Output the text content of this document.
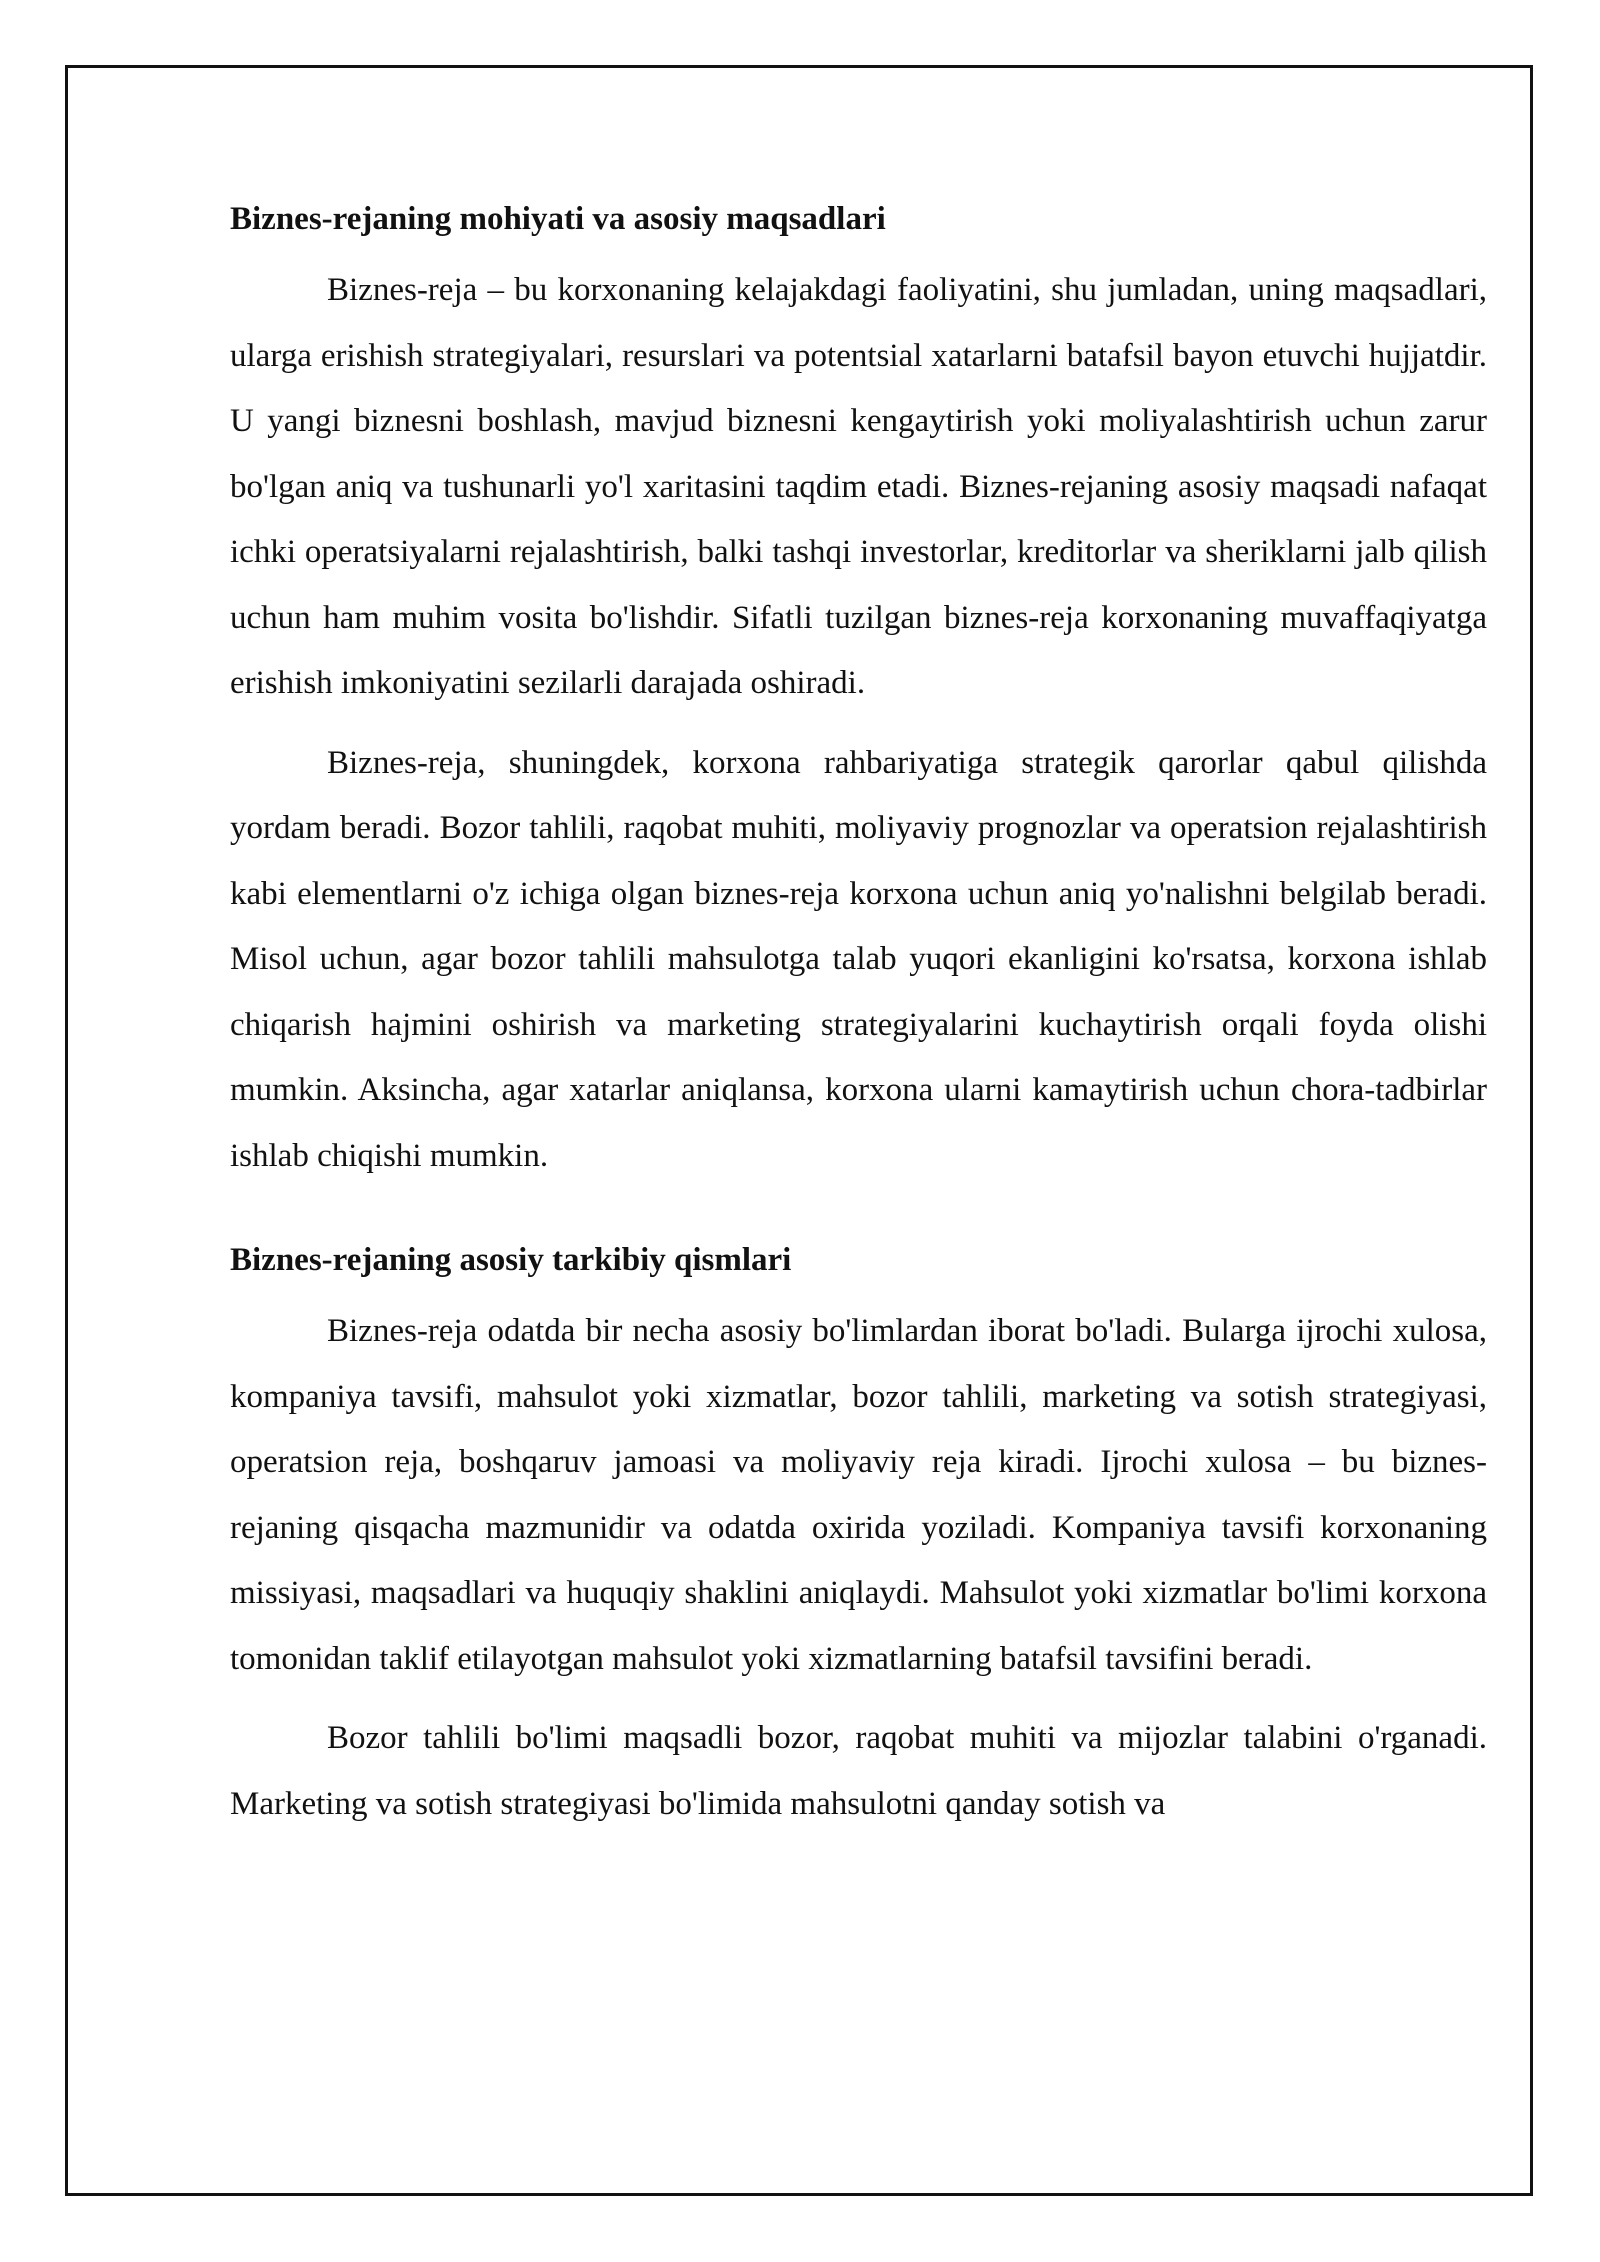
Biznes-rejaning mohiyati va asosiy maqsadlari

Biznes-reja – bu korxonaning kelajakdagi faoliyatini, shu jumladan, uning maqsadlari, ularga erishish strategiyalari, resurslari va potentsial xatarlarni batafsil bayon etuvchi hujjatdir. U yangi biznesni boshlash, mavjud biznesni kengaytirish yoki moliyalashtirish uchun zarur bo'lgan aniq va tushunarli yo'l xaritasini taqdim etadi. Biznes-rejaning asosiy maqsadi nafaqat ichki operatsiyalarni rejalashtirish, balki tashqi investorlar, kreditorlar va sheriklarni jalb qilish uchun ham muhim vosita bo'lishdir. Sifatli tuzilgan biznes-reja korxonaning muvaffaqiyatga erishish imkoniyatini sezilarli darajada oshiradi.

Biznes-reja, shuningdek, korxona rahbariyatiga strategik qarorlar qabul qilishda yordam beradi. Bozor tahlili, raqobat muhiti, moliyaviy prognozlar va operatsion rejalashtirish kabi elementlarni o'z ichiga olgan biznes-reja korxona uchun aniq yo'nalishni belgilab beradi. Misol uchun, agar bozor tahlili mahsulotga talab yuqori ekanligini ko'rsatsa, korxona ishlab chiqarish hajmini oshirish va marketing strategiyalarini kuchaytirish orqali foyda olishi mumkin. Aksincha, agar xatarlar aniqlansa, korxona ularni kamaytirish uchun chora-tadbirlar ishlab chiqishi mumkin.

Biznes-rejaning asosiy tarkibiy qismlari

Biznes-reja odatda bir necha asosiy bo'limlardan iborat bo'ladi. Bularga ijrochi xulosa, kompaniya tavsifi, mahsulot yoki xizmatlar, bozor tahlili, marketing va sotish strategiyasi, operatsion reja, boshqaruv jamoasi va moliyaviy reja kiradi. Ijrochi xulosa – bu biznes-rejaning qisqacha mazmunidir va odatda oxirida yoziladi. Kompaniya tavsifi korxonaning missiyasi, maqsadlari va huquqiy shaklini aniqlaydi. Mahsulot yoki xizmatlar bo'limi korxona tomonidan taklif etilayotgan mahsulot yoki xizmatlarning batafsil tavsifini beradi.

Bozor tahlili bo'limi maqsadli bozor, raqobat muhiti va mijozlar talabini o'rganadi. Marketing va sotish strategiyasi bo'limida mahsulotni qanday sotish va
